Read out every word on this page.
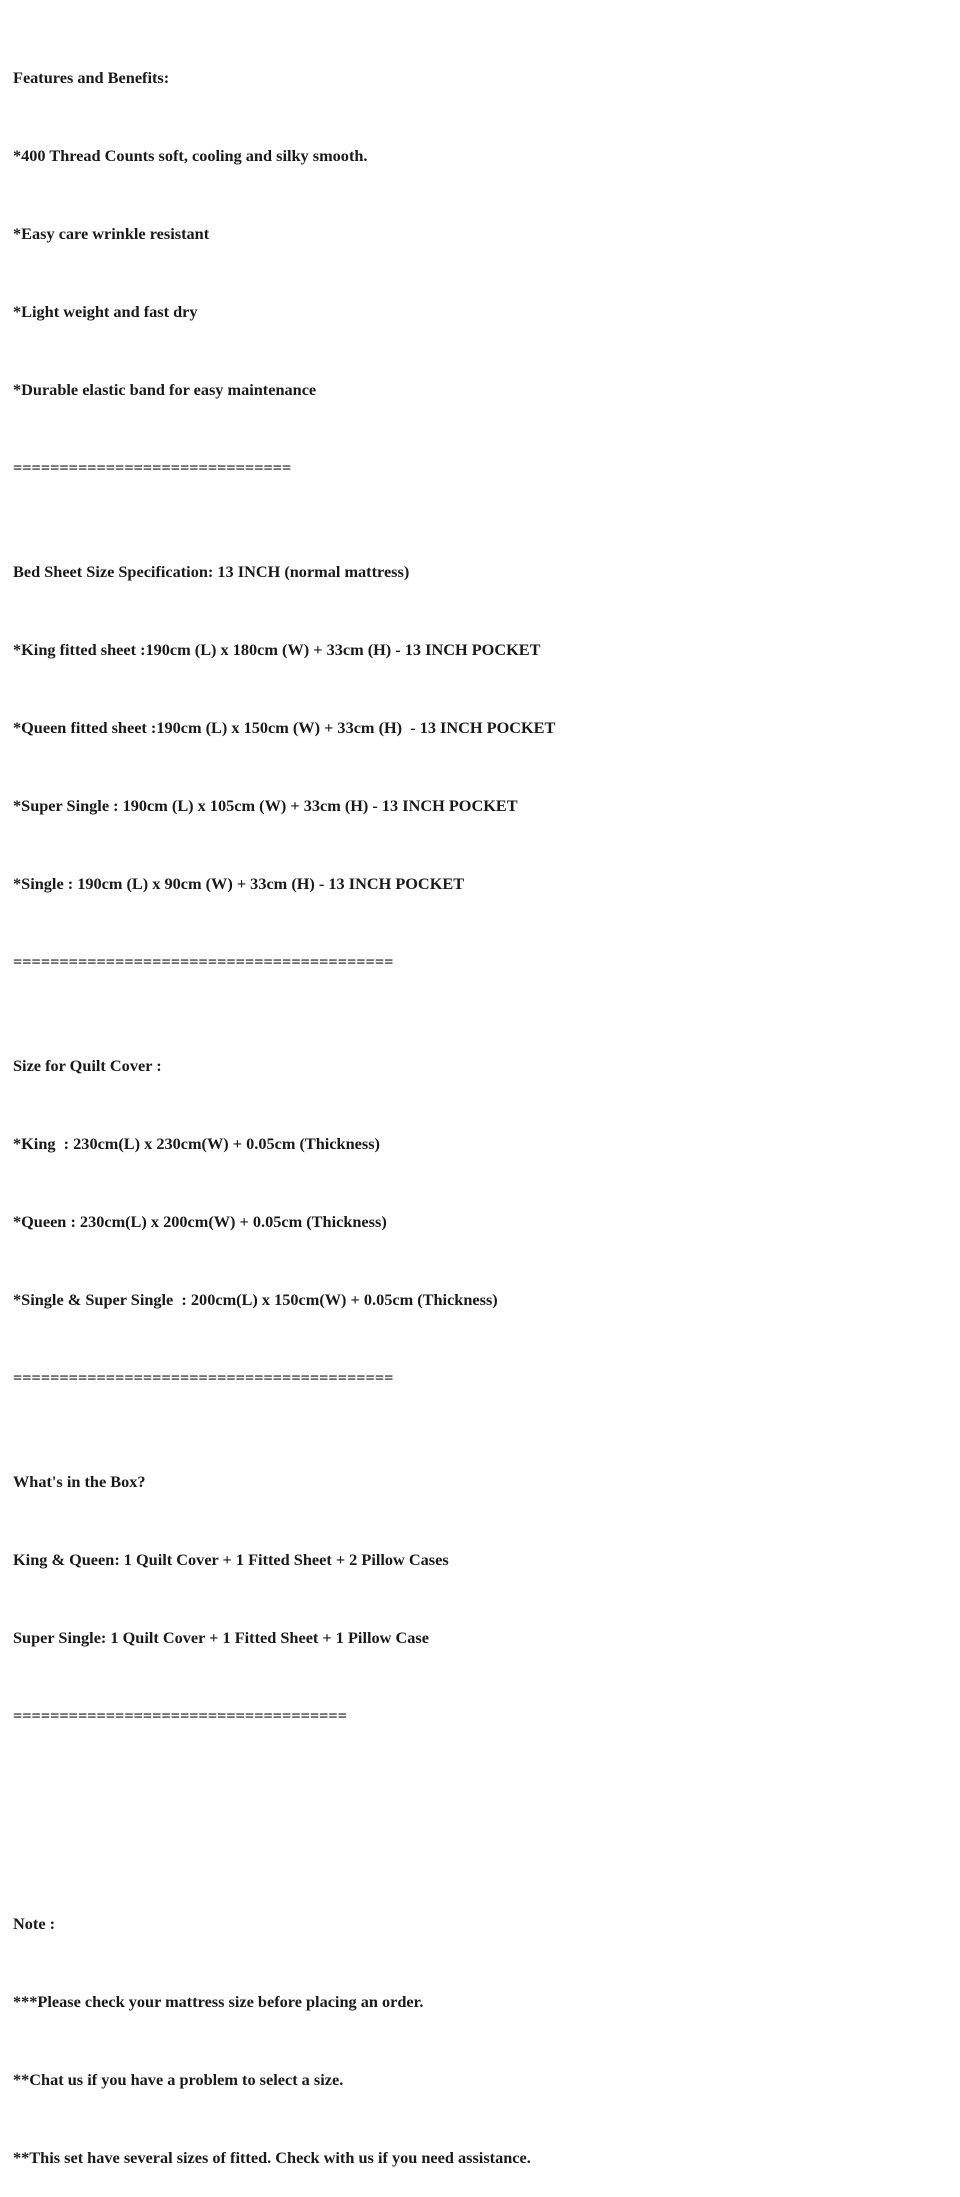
Features and Benefits:

*400 Thread Counts soft, cooling and silky smooth.

*Easy care wrinkle resistant

*Light weight and fast dry

*Durable elastic band for easy maintenance

==============================

Bed Sheet Size Specification: 13 INCH (normal mattress)

*King fitted sheet :190cm (L) x 180cm (W) + 33cm (H) - 13 INCH POCKET

*Queen fitted sheet :190cm (L) x 150cm (W) + 33cm (H)  - 13 INCH POCKET

*Super Single : 190cm (L) x 105cm (W) + 33cm (H) - 13 INCH POCKET

*Single : 190cm (L) x 90cm (W) + 33cm (H) - 13 INCH POCKET

=========================================

Size for Quilt Cover :

*King  : 230cm(L) x 230cm(W) + 0.05cm (Thickness)

*Queen : 230cm(L) x 200cm(W) + 0.05cm (Thickness)

*Single & Super Single  : 200cm(L) x 150cm(W) + 0.05cm (Thickness)

=========================================

What's in the Box?

King & Queen: 1 Quilt Cover + 1 Fitted Sheet + 2 Pillow Cases

Super Single: 1 Quilt Cover + 1 Fitted Sheet + 1 Pillow Case

====================================

Note :

***Please check your mattress size before placing an order.

**Chat us if you have a problem to select a size.

**This set have several sizes of fitted. Check with us if you need assistance.
